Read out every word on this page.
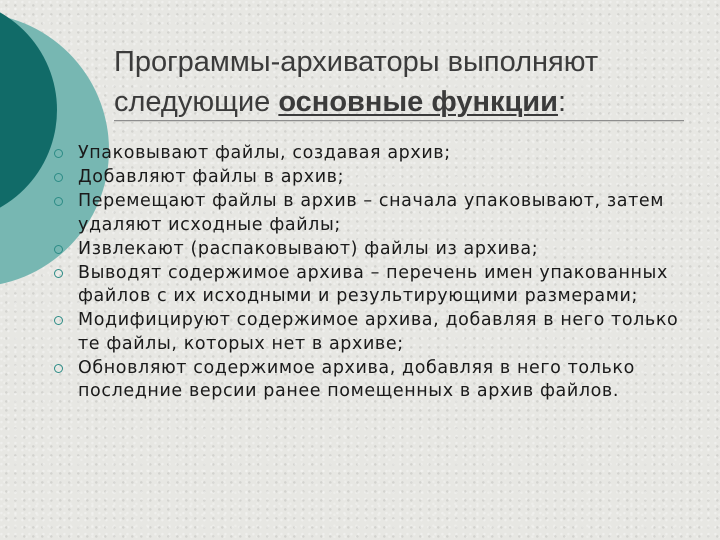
Программы-архиваторы выполняют
следующие основные функции:
Упаковывают файлы, создавая архив;
Добавляют файлы в архив;
Перемещают файлы в архив – сначала упаковывают, затем удаляют исходные файлы;
Извлекают (распаковывают) файлы из архива;
Выводят содержимое архива – перечень имен упакованных файлов с их исходными и результирующими размерами;
Модифицируют содержимое архива, добавляя в него только те файлы, которых нет в архиве;
Обновляют содержимое архива, добавляя в него только последние версии ранее помещенных в архив файлов.
